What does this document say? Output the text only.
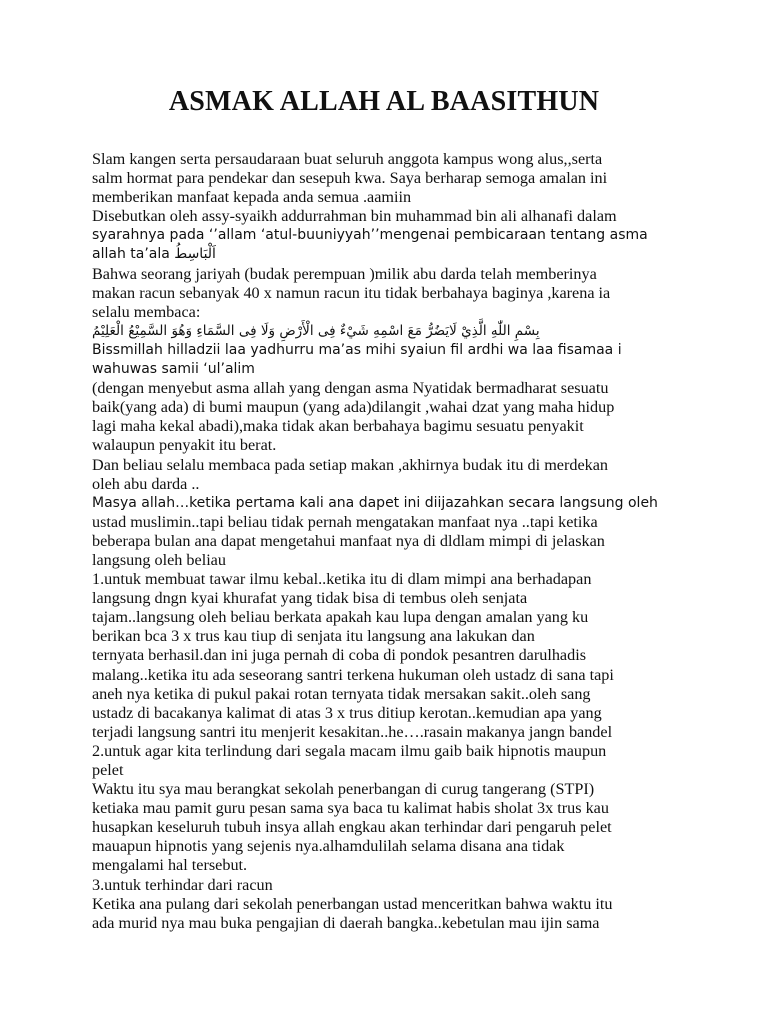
ASMAK ALLAH AL BAASITHUN

Slam kangen serta persaudaraan buat seluruh anggota kampus wong alus,,serta

salm hormat para pendekar dan sesepuh kwa. Saya berharap semoga amalan ini

memberikan manfaat kepada anda semua .aamiin

Disebutkan oleh assy-syaikh addurrahman bin muhammad bin ali alhanafi dalam

syarahnya pada ‘’allam ‘atul-buuniyyah’’mengenai pembicaraan tentang asma

allah ta’ala اَلْبَاسِطُ

Bahwa seorang jariyah (budak perempuan )milik abu darda telah memberinya

makan racun sebanyak 40 x namun racun itu tidak berbahaya baginya ,karena ia

selalu membaca:

بِسْمِ اللّٰهِ الَّذِيْ لَايَضُرُّ مَعَ اسْمِهِ شَيْءٌ فِى الْأَرْضِ وَلَا فِى السَّمَاءِ وَهُوَ السَّمِيْعُ الْعَلِيْمُ

Bissmillah hilladzii laa yadhurru ma’as mihi syaiun fil ardhi wa laa fisamaa i

wahuwas samii ‘ul’alim

(dengan menyebut asma allah yang dengan asma Nyatidak bermadharat sesuatu

baik(yang ada) di bumi maupun (yang ada)dilangit ,wahai dzat yang maha hidup

lagi maha kekal abadi),maka tidak akan berbahaya bagimu sesuatu penyakit

walaupun penyakit itu berat.

Dan beliau selalu membaca pada setiap makan ,akhirnya budak itu di merdekan

oleh abu darda ..

Masya allah…ketika pertama kali ana dapet ini diijazahkan secara langsung oleh

ustad muslimin..tapi beliau tidak pernah mengatakan manfaat nya ..tapi ketika

beberapa bulan ana dapat mengetahui manfaat nya di dldlam mimpi di jelaskan

langsung oleh beliau

1.untuk membuat tawar ilmu kebal..ketika itu di dlam mimpi ana berhadapan

langsung dngn kyai khurafat yang tidak bisa di tembus oleh senjata

tajam..langsung oleh beliau berkata apakah kau lupa dengan amalan yang ku

berikan bca 3 x trus kau tiup di senjata itu langsung ana lakukan dan

ternyata berhasil.dan ini juga pernah di coba di pondok pesantren darulhadis

malang..ketika itu ada seseorang santri terkena hukuman oleh ustadz di sana tapi

aneh nya ketika di pukul pakai rotan ternyata tidak mersakan sakit..oleh sang

ustadz di bacakanya kalimat di atas 3 x trus ditiup kerotan..kemudian apa yang

terjadi langsung santri itu menjerit kesakitan..he….rasain makanya jangn bandel

2.untuk agar kita terlindung dari segala macam ilmu gaib baik hipnotis maupun

pelet

Waktu itu sya mau berangkat sekolah penerbangan di curug tangerang (STPI)

ketiaka mau pamit guru pesan sama sya baca tu kalimat habis sholat 3x trus kau

husapkan keseluruh tubuh insya allah engkau akan terhindar dari pengaruh pelet

mauapun hipnotis yang sejenis nya.alhamdulilah selama disana ana tidak

mengalami hal tersebut.

3.untuk terhindar dari racun

Ketika ana pulang dari sekolah penerbangan ustad menceritkan bahwa waktu itu

ada murid nya mau buka pengajian di daerah bangka..kebetulan mau ijin sama
